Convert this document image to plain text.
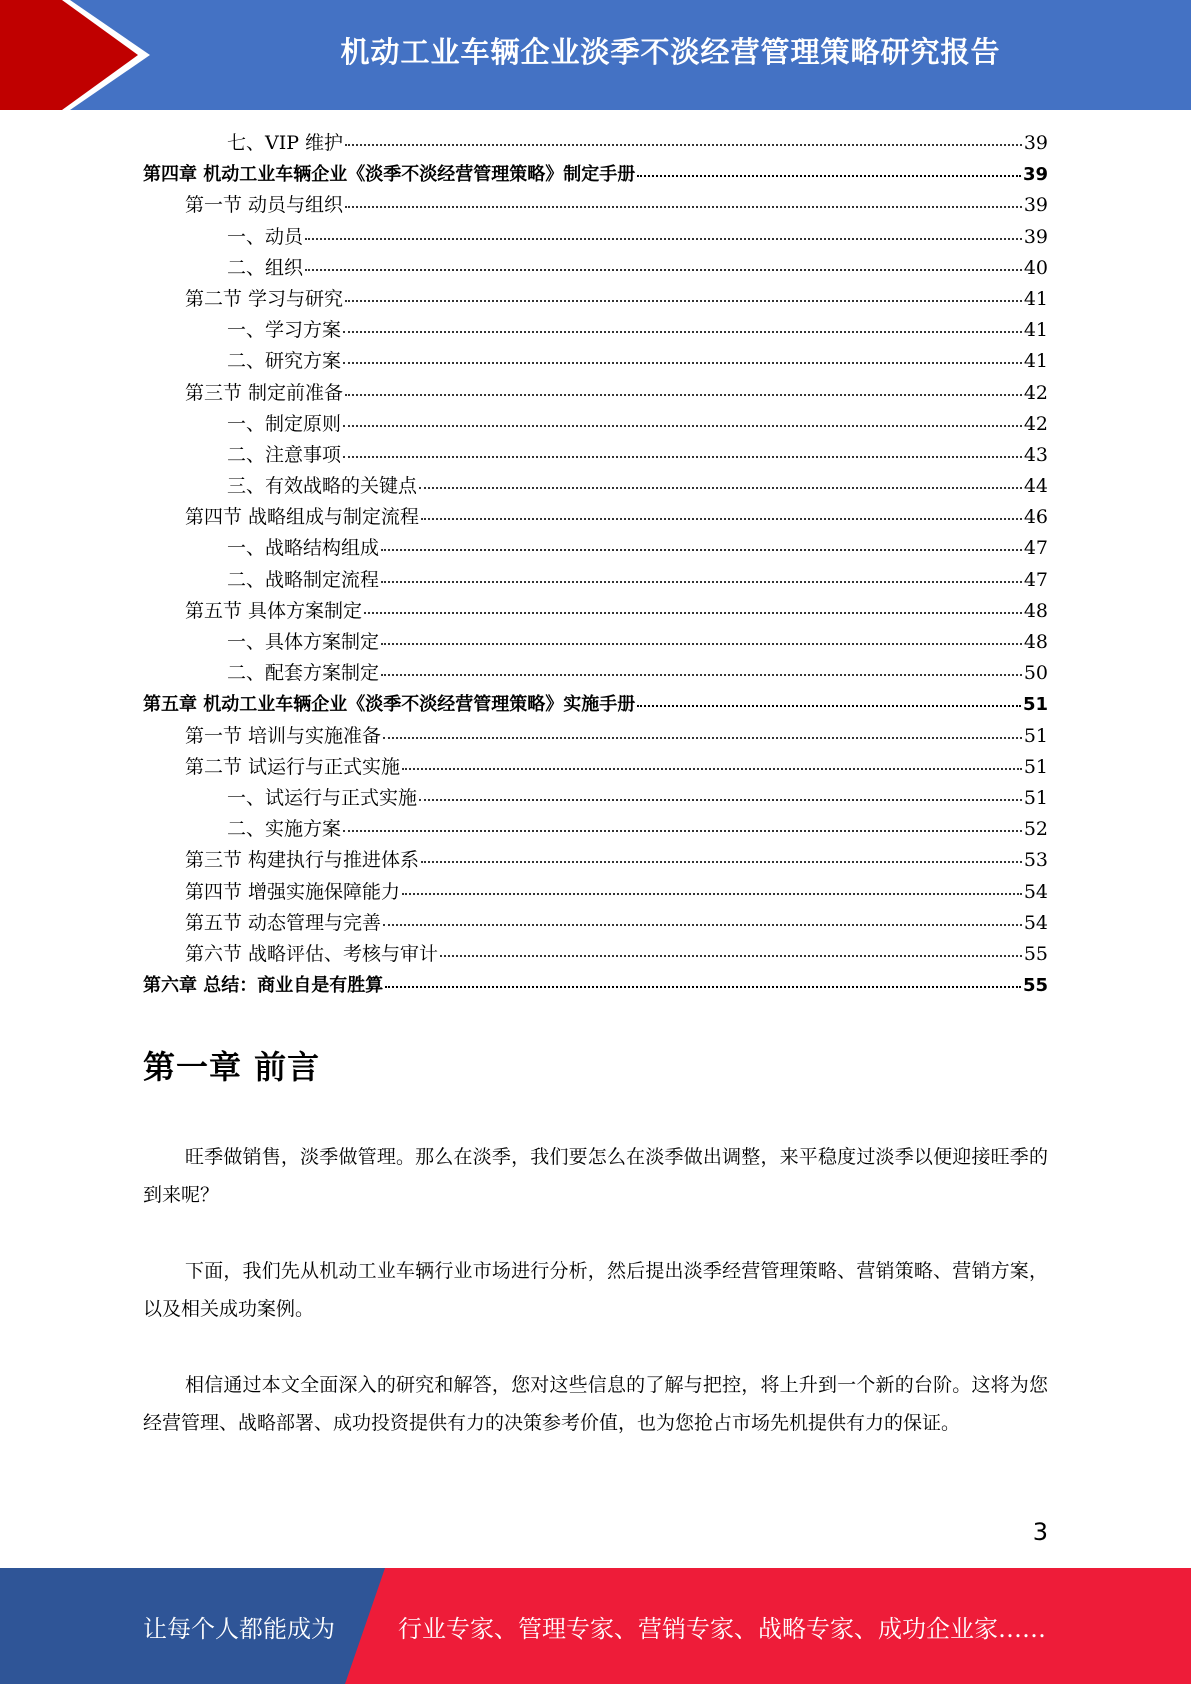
机动工业车辆企业淡季不淡经营管理策略研究报告
七、VIP 维护	39
第四章 机动工业车辆企业《淡季不淡经营管理策略》制定手册	39
第一节 动员与组织	39
一、动员	39
二、组织	40
第二节 学习与研究	41
一、学习方案	41
二、研究方案	41
第三节 制定前准备	42
一、制定原则	42
二、注意事项	43
三、有效战略的关键点	44
第四节 战略组成与制定流程	46
一、战略结构组成	47
二、战略制定流程	47
第五节 具体方案制定	48
一、具体方案制定	48
二、配套方案制定	50
第五章 机动工业车辆企业《淡季不淡经营管理策略》实施手册	51
第一节 培训与实施准备	51
第二节 试运行与正式实施	51
一、试运行与正式实施	51
二、实施方案	52
第三节 构建执行与推进体系	53
第四节 增强实施保障能力	54
第五节 动态管理与完善	54
第六节 战略评估、考核与审计	55
第六章 总结：商业自是有胜算	55
第一章 前言

旺季做销售，淡季做管理。那么在淡季，我们要怎么在淡季做出调整，来平稳度过淡季以便迎接旺季的到来呢？

下面，我们先从机动工业车辆行业市场进行分析，然后提出淡季经营管理策略、营销策略、营销方案，以及相关成功案例。

相信通过本文全面深入的研究和解答，您对这些信息的了解与把控，将上升到一个新的台阶。这将为您经营管理、战略部署、成功投资提供有力的决策参考价值，也为您抢占市场先机提供有力的保证。

3
让每个人都能成为	行业专家、管理专家、营销专家、战略专家、成功企业家……
